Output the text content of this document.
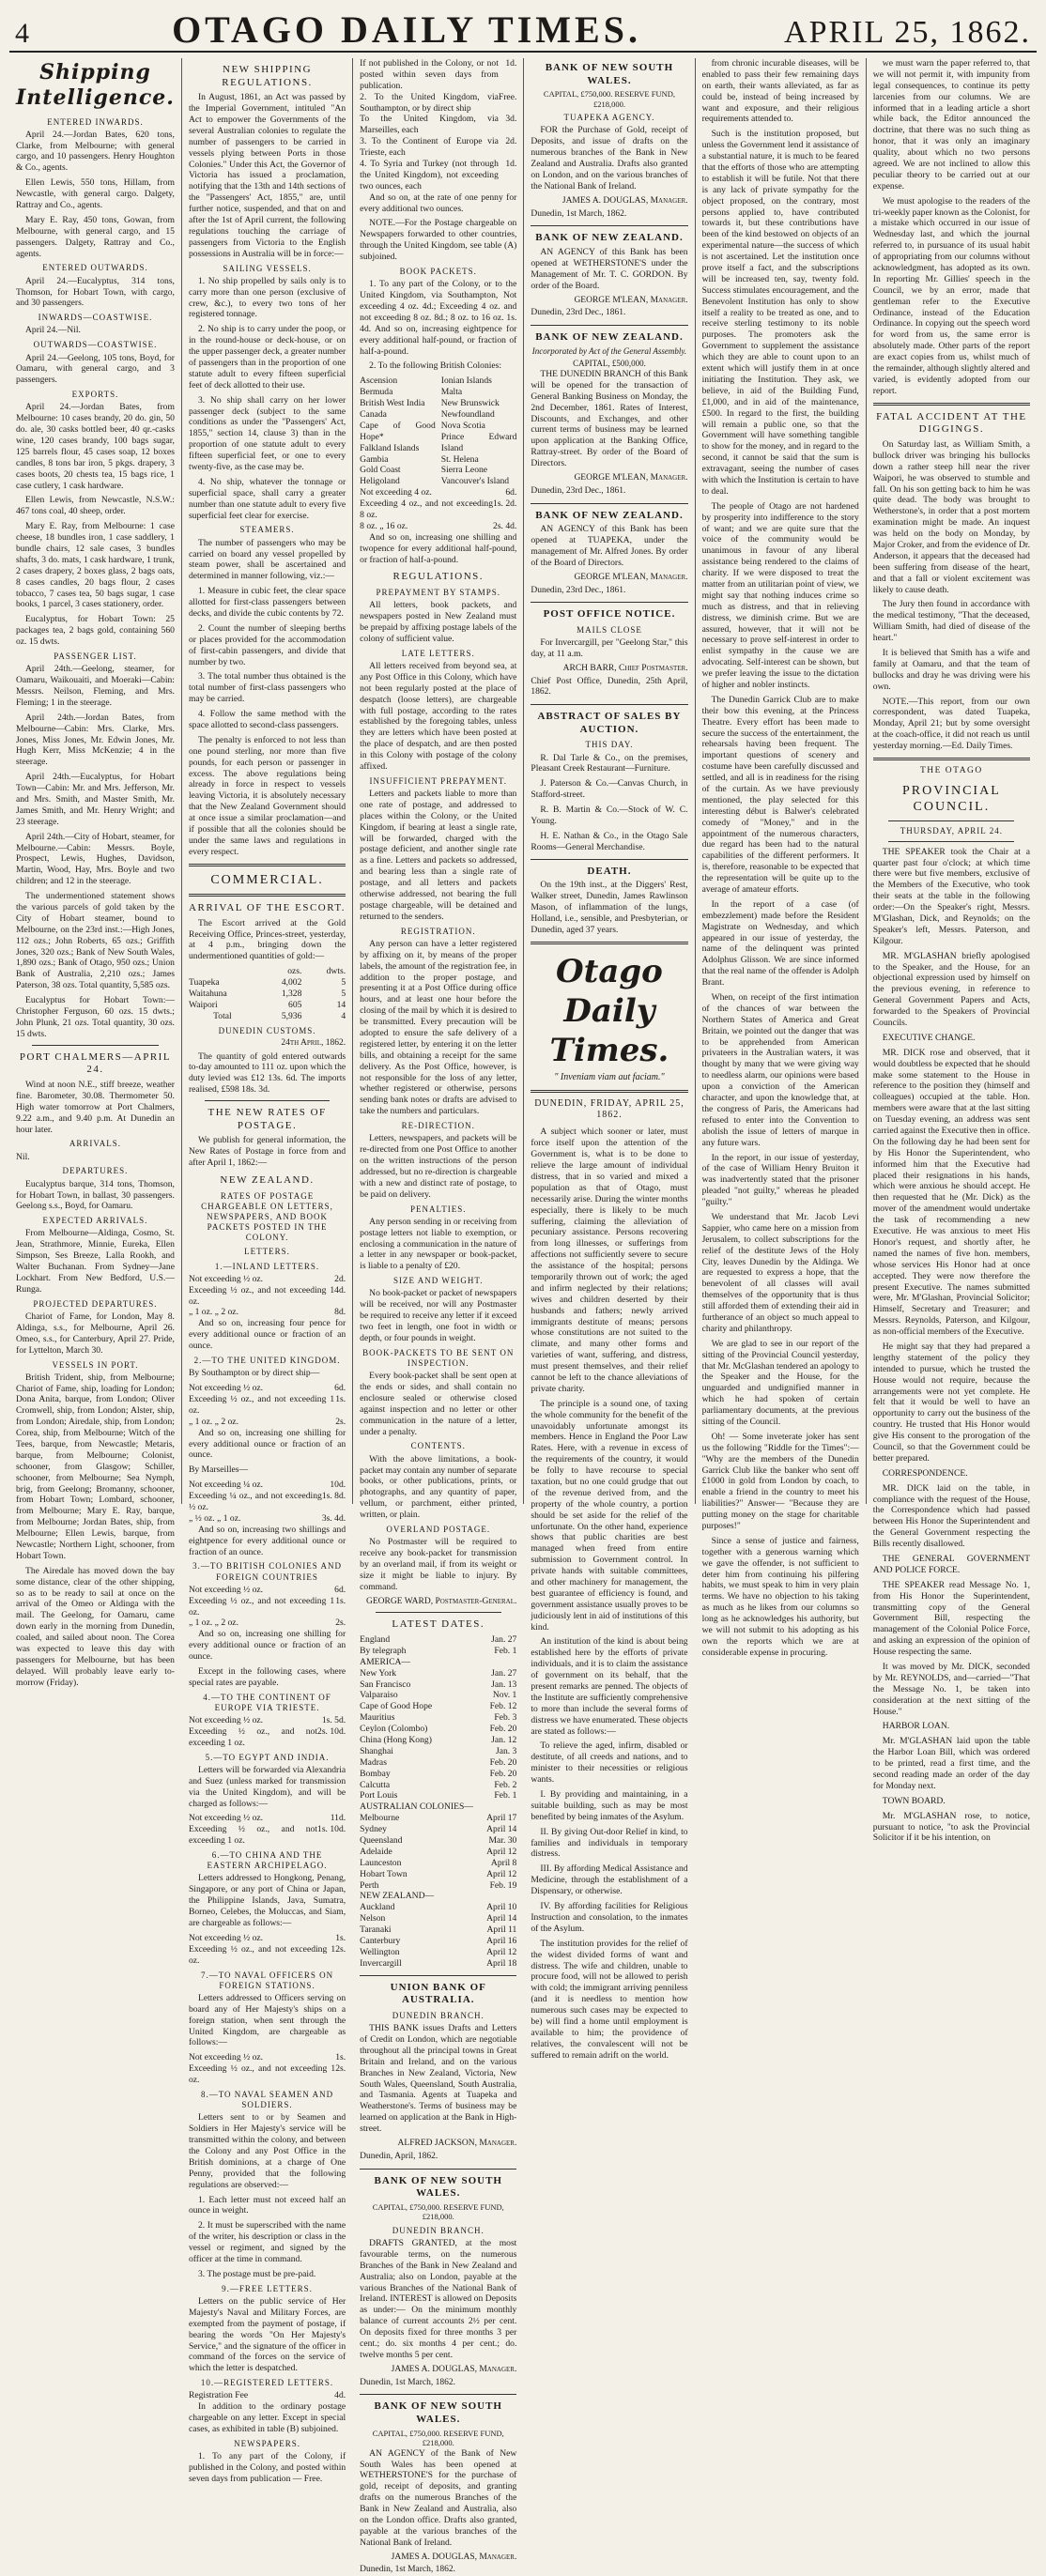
4	OTAGO DAILY TIMES.	APRIL 25, 1862.
Shipping Intelligence.
ENTERED INWARDS.

April 24.—Jordan Bates, 620 tons, Clarke, from Melbourne; with general cargo, and 10 passengers. Henry Houghton & Co., agents.

Ellen Lewis, 550 tons, Hillam, from Newcastle, with general cargo. Dalgety, Rattray and Co., agents.

Mary E. Ray, 450 tons, Gowan, from Melbourne, with general cargo, and 15 passengers. Dalgety, Rattray and Co., agents.

ENTERED OUTWARDS.

April 24.—Eucalyptus, 314 tons, Thomson, for Hobart Town, with cargo, and 30 passengers.

INWARDS—COASTWISE.

April 24.—Nil.

OUTWARDS—COASTWISE.

April 24.—Geelong, 105 tons, Boyd, for Oamaru, with general cargo, and 3 passengers.

EXPORTS.

April 24.—Jordan Bates, from Melbourne: 10 cases brandy, 20 do. gin, 50 do. ale, 30 casks bottled beer, 40 qr.-casks wine, 120 cases brandy, 100 bags sugar, 125 barrels flour, 45 cases soap, 12 boxes candles, 8 tons bar iron, 5 pkgs. drapery, 3 cases boots, 20 chests tea, 15 bags rice, 1 case cutlery, 1 cask hardware.

Ellen Lewis, from Newcastle, N.S.W.: 467 tons coal, 40 sheep, order.

Mary E. Ray, from Melbourne: 1 case cheese, 18 bundles iron, 1 case saddlery, 1 bundle chairs, 12 sale cases, 3 bundles shafts, 3 do. mats, 1 cask hardware, 1 trunk, 2 cases drapery, 2 boxes glass, 2 bags oats, 8 cases candles, 20 bags flour, 2 cases tobacco, 7 cases tea, 50 bags sugar, 1 case books, 1 parcel, 3 cases stationery, order.

Eucalyptus, for Hobart Town: 25 packages tea, 2 bags gold, containing 560 oz. 15 dwts.

PASSENGER LIST.

April 24th.—Geelong, steamer, for Oamaru, Waikouaiti, and Moeraki—Cabin: Messrs. Neilson, Fleming, and Mrs. Fleming; 1 in the steerage.

April 24th.—Jordan Bates, from Melbourne—Cabin: Mrs. Clarke, Mrs. Jones, Miss Jones, Mr. Edwin Jones, Mr. Hugh Kerr, Miss McKenzie; 4 in the steerage.

April 24th.—Eucalyptus, for Hobart Town—Cabin: Mr. and Mrs. Jefferson, Mr. and Mrs. Smith, and Master Smith, Mr. James Smith, and Mr. Henry Wright; and 23 steerage.

April 24th.—City of Hobart, steamer, for Melbourne.—Cabin: Messrs. Boyle, Prospect, Lewis, Hughes, Davidson, Martin, Wood, Hay, Mrs. Boyle and two children; and 12 in the steerage.

The undermentioned statement shows the various parcels of gold taken by the City of Hobart steamer, bound to Melbourne, on the 23rd inst.:—High Jones, 112 ozs.; John Roberts, 65 ozs.; Griffith Jones, 320 ozs.; Bank of New South Wales, 1,890 ozs.; Bank of Otago, 950 ozs.; Union Bank of Australia, 2,210 ozs.; James Paterson, 38 ozs. Total quantity, 5,585 ozs.

Eucalyptus for Hobart Town:—Christopher Ferguson, 60 ozs. 15 dwts.; John Plunk, 21 ozs. Total quantity, 30 ozs. 15 dwts.

PORT CHALMERS—APRIL 24.

Wind at noon N.E., stiff breeze, weather fine. Barometer, 30.08. Thermometer 50. High water tomorrow at Port Chalmers, 9.22 a.m., and 9.40 p.m. At Dunedin an hour later.

ARRIVALS.

Nil.

DEPARTURES.

Eucalyptus barque, 314 tons, Thomson, for Hobart Town, in ballast, 30 passengers. Geelong s.s., Boyd, for Oamaru.

EXPECTED ARRIVALS.

From Melbourne—Aldinga, Cosmo, St. Jean, Strathmore, Minnie, Eureka, Ellen Simpson, Ses Breeze, Lalla Rookh, and Walter Buchanan. From Sydney—Jane Lockhart. From New Bedford, U.S.—Runga.

PROJECTED DEPARTURES.

Chariot of Fame, for London, May 8. Aldinga, s.s., for Melbourne, April 26. Omeo, s.s., for Canterbury, April 27. Pride, for Lyttelton, March 30.

VESSELS IN PORT.

British Trident, ship, from Melbourne; Chariot of Fame, ship, loading for London; Dona Anita, barque, from London; Oliver Cromwell, ship, from London; Alster, ship, from London; Airedale, ship, from London; Corea, ship, from Melbourne; Witch of the Tees, barque, from Newcastle; Metaris, barque, from Melbourne; Colonist, schooner, from Glasgow; Schiller, schooner, from Melbourne; Sea Nymph, brig, from Geelong; Bromanny, schooner, from Hobart Town; Lombard, schooner, from Melbourne; Mary E. Ray, barque, from Melbourne; Jordan Bates, ship, from Melbourne; Ellen Lewis, barque, from Newcastle; Northern Light, schooner, from Hobart Town.

The Airedale has moved down the bay some distance, clear of the other shipping, so as to be ready to sail at once on the arrival of the Omeo or Aldinga with the mail. The Geelong, for Oamaru, came down early in the morning from Dunedin, coaled, and sailed about noon. The Corea was expected to leave this day with passengers for Melbourne, but has been delayed. Will probably leave early to-morrow (Friday).

NEW SHIPPING REGULATIONS.

In August, 1861, an Act was passed by the Imperial Government, intituled "An Act to empower the Governments of the several Australian colonies to regulate the number of passengers to be carried in vessels plying between Ports in those Colonies." Under this Act, the Governor of Victoria has issued a proclamation, notifying that the 13th and 14th sections of the "Passengers' Act, 1855," are, until further notice, suspended, and that on and after the 1st of April current, the following regulations touching the carriage of passengers from Victoria to the English possessions in Australia will be in force:—

SAILING VESSELS.

1. No ship propelled by sails only is to carry more than one person (exclusive of crew, &c.), to every two tons of her registered tonnage.

2. No ship is to carry under the poop, or in the round-house or deck-house, or on the upper passenger deck, a greater number of passengers than in the proportion of one statute adult to every fifteen superficial feet of deck allotted to their use.

3. No ship shall carry on her lower passenger deck (subject to the same conditions as under the "Passengers' Act, 1855," section 14, clause 3) than in the proportion of one statute adult to every fifteen superficial feet, or one to every twenty-five, as the case may be.

4. No ship, whatever the tonnage or superficial space, shall carry a greater number than one statute adult to every five superficial feet clear for exercise.

STEAMERS.

The number of passengers who may be carried on board any vessel propelled by steam power, shall be ascertained and determined in manner following, viz.:—

1. Measure in cubic feet, the clear space allotted for first-class passengers between decks, and divide the cubic contents by 72.

2. Count the number of sleeping berths or places provided for the accommodation of first-cabin passengers, and divide that number by two.

3. The total number thus obtained is the total number of first-class passengers who may be carried.

4. Follow the same method with the space allotted to second-class passengers.

The penalty is enforced to not less than one pound sterling, nor more than five pounds, for each person or passenger in excess. The above regulations being already in force in respect to vessels leaving Victoria, it is absolutely necessary that the New Zealand Government should at once issue a similar proclamation—and if possible that all the colonies should be under the same laws and regulations in every respect.

COMMERCIAL.
ARRIVAL OF THE ESCORT.

The Escort arrived at the Gold Receiving Office, Princes-street, yesterday, at 4 p.m., bringing down the undermentioned quantities of gold:—

	ozs.	dwts.
Tuapeka	4,002	5
Waitahuna	1,328	5
Waipori	605	14
Total	5,936	4
DUNEDIN CUSTOMS.
24th April, 1862.

The quantity of gold entered outwards to-day amounted to 111 oz. upon which the duty levied was £12 13s. 6d. The imports realised, £598 18s. 3d.

THE NEW RATES OF POSTAGE.

We publish for general information, the New Rates of Postage in force from and after April 1, 1862:—

NEW ZEALAND.
RATES OF POSTAGE CHARGEABLE ON LETTERS, NEWSPAPERS, AND BOOK PACKETS POSTED IN THE COLONY.
LETTERS.
1.—INLAND LETTERS.
Not exceeding ½ oz.	2d.
Exceeding ½ oz., and not exceeding 1 oz.	4d.
„ 1 oz. „ 2 oz.	8d.

And so on, increasing four pence for every additional ounce or fraction of an ounce.

2.—TO THE UNITED KINGDOM.

By Southampton or by direct ship—

Not exceeding ½ oz.	6d.
Exceeding ½ oz., and not exceeding 1 oz.	1s.
„ 1 oz. „ 2 oz.	2s.

And so on, increasing one shilling for every additional ounce or fraction of an ounce.

By Marseilles—

Not exceeding ¼ oz.	10d.
Exceeding ¼ oz., and not exceeding ½ oz.	1s. 8d.
„ ½ oz. „ 1 oz.	3s. 4d.

And so on, increasing two shillings and eightpence for every additional ounce or fraction of an ounce.

3.—TO BRITISH COLONIES AND FOREIGN COUNTRIES
Not exceeding ½ oz.	6d.
Exceeding ½ oz., and not exceeding 1 oz.	1s.
„ 1 oz. „ 2 oz.	2s.

And so on, increasing one shilling for every additional ounce or fraction of an ounce.

Except in the following cases, where special rates are payable.

4.—TO THE CONTINENT OF EUROPE VIA TRIESTE.
Not exceeding ½ oz.	1s. 5d.
Exceeding ½ oz., and not exceeding 1 oz.	2s. 10d.
5.—TO EGYPT AND INDIA.

Letters will be forwarded via Alexandria and Suez (unless marked for transmission via the United Kingdom), and will be charged as follows:—

Not exceeding ½ oz.	11d.
Exceeding ½ oz., and not exceeding 1 oz.	1s. 10d.
6.—TO CHINA AND THE EASTERN ARCHIPELAGO.

Letters addressed to Hongkong, Penang, Singapore, or any port of China or Japan, the Philippine Islands, Java, Sumatra, Borneo, Celebes, the Moluccas, and Siam, are chargeable as follows:—

Not exceeding ½ oz.	1s.
Exceeding ½ oz., and not exceeding 1 oz.	2s.
7.—TO NAVAL OFFICERS ON FOREIGN STATIONS.

Letters addressed to Officers serving on board any of Her Majesty's ships on a foreign station, when sent through the United Kingdom, are chargeable as follows:—

Not exceeding ½ oz.	1s.
Exceeding ½ oz., and not exceeding 1 oz.	2s.
8.—TO NAVAL SEAMEN AND SOLDIERS.

Letters sent to or by Seamen and Soldiers in Her Majesty's service will be transmitted within the colony, and between the Colony and any Post Office in the British dominions, at a charge of One Penny, provided that the following regulations are observed:—

1. Each letter must not exceed half an ounce in weight.

2. It must be superscribed with the name of the writer, his description or class in the vessel or regiment, and signed by the officer at the time in command.

3. The postage must be pre-paid.

9.—FREE LETTERS.

Letters on the public service of Her Majesty's Naval and Military Forces, are exempted from the payment of postage, if bearing the words "On Her Majesty's Service," and the signature of the officer in command of the forces on the service of which the letter is despatched.

10.—REGISTERED LETTERS.
Registration Fee	4d.

In addition to the ordinary postage chargeable on any letter. Except in special cases, as exhibited in table (B) subjoined.

NEWSPAPERS.

1. To any part of the Colony, if published in the Colony, and posted within seven days from publication — Free.

If not published in the Colony, or not posted within seven days from publication.	1d.
2. To the United Kingdom, via Southampton, or by direct ship	Free.
To the United Kingdom, via Marseilles, each	3d.
3. To the Continent of Europe via Trieste, each	2d.
4. To Syria and Turkey (not through the United Kingdom), not exceeding two ounces, each	1d.

And so on, at the rate of one penny for every additional two ounces.

NOTE.—For the Postage chargeable on Newspapers forwarded to other countries, through the United Kingdom, see table (A) subjoined.

BOOK PACKETS.

1. To any part of the Colony, or to the United Kingdom, via Southampton, Not exceeding 4 oz. 4d.; Exceeding 4 oz. and not exceeding 8 oz. 8d.; 8 oz. to 16 oz. 1s. 4d. And so on, increasing eightpence for every additional half-pound, or fraction of half-a-pound.

2. To the following British Colonies:

Ascension
Bermuda
British West India
Canada
Cape of Good Hope*
Falkland Islands
Gambia
Gold Coast
Heligoland
Ionian Islands
Malta
New Brunswick
Newfoundland
Nova Scotia
Prince Edward Island
St. Helena
Sierra Leone
Vancouver's Island
Not exceeding 4 oz.	6d.
Exceeding 4 oz., and not exceeding 8 oz.	1s. 2d.
8 oz. „ 16 oz.	2s. 4d.

And so on, increasing one shilling and twopence for every additional half-pound, or fraction of half-a-pound.

REGULATIONS.
PREPAYMENT BY STAMPS.

All letters, book packets, and newspapers posted in New Zealand must be prepaid by affixing postage labels of the colony of sufficient value.

LATE LETTERS.

All letters received from beyond sea, at any Post Office in this Colony, which have not been regularly posted at the place of despatch (loose letters), are chargeable with full postage, according to the rates established by the foregoing tables, unless they are letters which have been posted at the place of despatch, and are then posted in this Colony with postage of the colony affixed.

INSUFFICIENT PREPAYMENT.

Letters and packets liable to more than one rate of postage, and addressed to places within the Colony, or the United Kingdom, if bearing at least a single rate, will be forwarded, charged with the postage deficient, and another single rate as a fine. Letters and packets so addressed, and bearing less than a single rate of postage, and all letters and packets otherwise addressed, not bearing the full postage chargeable, will be detained and returned to the senders.

REGISTRATION.

Any person can have a letter registered by affixing on it, by means of the proper labels, the amount of the registration fee, in addition to the proper postage, and presenting it at a Post Office during office hours, and at least one hour before the closing of the mail by which it is desired to be transmitted. Every precaution will be adopted to ensure the safe delivery of a registered letter, by entering it on the letter bills, and obtaining a receipt for the same delivery. As the Post Office, however, is not responsible for the loss of any letter, whether registered or otherwise, persons sending bank notes or drafts are advised to take the numbers and particulars.

RE-DIRECTION.

Letters, newspapers, and packets will be re-directed from one Post Office to another on the written instructions of the person addressed, but no re-direction is chargeable with a new and distinct rate of postage, to be paid on delivery.

PENALTIES.

Any person sending in or receiving from postage letters not liable to exemption, or enclosing a communication in the nature of a letter in any newspaper or book-packet, is liable to a penalty of £20.

SIZE AND WEIGHT.

No book-packet or packet of newspapers will be received, nor will any Postmaster be required to receive any letter if it exceed two feet in length, one foot in width or depth, or four pounds in weight.

BOOK-PACKETS TO BE SENT ON INSPECTION.

Every book-packet shall be sent open at the ends or sides, and shall contain no enclosure sealed or otherwise closed against inspection and no letter or other communication in the nature of a letter, under a penalty.

CONTENTS.

With the above limitations, a book-packet may contain any number of separate books, or other publications, prints, or photographs, and any quantity of paper, vellum, or parchment, either printed, written, or plain.

OVERLAND POSTAGE.

No Postmaster will be required to receive any book-packet for transmission by an overland mail, if from its weight or size it might be liable to injury. By command.

GEORGE WARD, Postmaster-General.
LATEST DATES.
England	Jan. 27
By telegraph	Feb. 1
AMERICA—	
New York	Jan. 27
San Francisco	Jan. 13
Valparaiso	Nov. 1
Cape of Good Hope	Feb. 12
Mauritius	Feb. 3
Ceylon (Colombo)	Feb. 20
China (Hong Kong)	Jan. 12
Shanghai	Jan. 3
Madras	Feb. 20
Bombay	Feb. 20
Calcutta	Feb. 2
Port Louis	Feb. 1
AUSTRALIAN COLONIES—	
Melbourne	April 17
Sydney	April 14
Queensland	Mar. 30
Adelaide	April 12
Launceston	April 8
Hobart Town	April 12
Perth	Feb. 19
NEW ZEALAND—	
Auckland	April 10
Nelson	April 14
Taranaki	April 11
Canterbury	April 16
Wellington	April 12
Invercargill	April 18
UNION BANK OF AUSTRALIA.
DUNEDIN BRANCH.

THIS BANK issues Drafts and Letters of Credit on London, which are negotiable throughout all the principal towns in Great Britain and Ireland, and on the various Branches in New Zealand, Victoria, New South Wales, Queensland, South Australia, and Tasmania. Agents at Tuapeka and Weatherstone's. Terms of business may be learned on application at the Bank in High-street.

ALFRED JACKSON, Manager.
Dunedin, April, 1862.
BANK OF NEW SOUTH WALES.
CAPITAL, £750,000. RESERVE FUND, £218,000.
DUNEDIN BRANCH.

DRAFTS GRANTED, at the most favourable terms, on the numerous Branches of the Bank in New Zealand and Australia; also on London, payable at the various Branches of the National Bank of Ireland. INTEREST is allowed on Deposits as under:— On the minimum monthly balance of current accounts 2½ per cent. On deposits fixed for three months 3 per cent.; do. six months 4 per cent.; do. twelve months 5 per cent.

JAMES A. DOUGLAS, Manager.
Dunedin, 1st March, 1862.
BANK OF NEW SOUTH WALES.
CAPITAL, £750,000. RESERVE FUND, £218,000.

AN AGENCY of the Bank of New South Wales has been opened at WETHERSTONE'S for the purchase of gold, receipt of deposits, and granting drafts on the numerous Branches of the Bank in New Zealand and Australia, also on the London office. Drafts also granted, payable at the various branches of the National Bank of Ireland.

JAMES A. DOUGLAS, Manager.
Dunedin, 1st March, 1862.
BANK OF NEW SOUTH WALES.
CAPITAL, £750,000. RESERVE FUND, £218,000.
TUAPEKA AGENCY.

FOR the Purchase of Gold, receipt of Deposits, and issue of drafts on the numerous branches of the Bank in New Zealand and Australia. Drafts also granted on London, and on the various branches of the National Bank of Ireland.

JAMES A. DOUGLAS, Manager.
Dunedin, 1st March, 1862.
BANK OF NEW ZEALAND.

AN AGENCY of this Bank has been opened at WETHERSTONE'S under the Management of Mr. T. C. GORDON. By order of the Board.

GEORGE M'LEAN, Manager.
Dunedin, 23rd Dec., 1861.
BANK OF NEW ZEALAND.
Incorporated by Act of the General Assembly.
CAPITAL, £500,000.

THE DUNEDIN BRANCH of this Bank will be opened for the transaction of General Banking Business on Monday, the 2nd December, 1861. Rates of Interest, Discounts, and Exchanges, and other current terms of business may be learned upon application at the Banking Office, Rattray-street. By order of the Board of Directors.

GEORGE M'LEAN, Manager.
Dunedin, 23rd Dec., 1861.
BANK OF NEW ZEALAND.

AN AGENCY of this Bank has been opened at TUAPEKA, under the management of Mr. Alfred Jones. By order of the Board of Directors.

GEORGE M'LEAN, Manager.
Dunedin, 23rd Dec., 1861.
POST OFFICE NOTICE.
MAILS CLOSE

For Invercargill, per "Geelong Star," this day, at 11 a.m.

ARCH BARR, Chief Postmaster.
Chief Post Office, Dunedin, 25th April, 1862.
ABSTRACT OF SALES BY AUCTION.
THIS DAY.

R. Dal Tarle & Co., on the premises, Pleasant Creek Restaurant—Furniture.

J. Paterson & Co.—Canvas Church, in Stafford-street.

R. B. Martin & Co.—Stock of W. C. Young.

H. E. Nathan & Co., in the Otago Sale Rooms—General Merchandise.

DEATH.

On the 19th inst., at the Diggers' Rest, Walker street, Dunedin, James Rawlinson Mason, of inflammation of the lungs, Holland, i.e., sensible, and Presbyterian, or Dunedin, aged 37 years.

Otago Daily Times.
" Inveniam viam aut faciam."
DUNEDIN, FRIDAY, APRIL 25, 1862.

A subject which sooner or later, must force itself upon the attention of the Government is, what is to be done to relieve the large amount of individual distress, that in so varied and mixed a population as that of Otago, must necessarily arise. During the winter months especially, there is likely to be much suffering, claiming the alleviation of pecuniary assistance. Persons recovering from long illnesses, or sufferings from affections not sufficiently severe to secure the assistance of the hospital; persons temporarily thrown out of work; the aged and infirm neglected by their relations; wives and children deserted by their husbands and fathers; newly arrived immigrants destitute of means; persons whose constitutions are not suited to the climate, and many other forms and varieties of want, suffering, and distress, must present themselves, and their relief cannot be left to the chance alleviations of private charity.

The principle is a sound one, of taxing the whole community for the benefit of the unavoidably unfortunate amongst its members. Hence in England the Poor Law Rates. Here, with a revenue in excess of the requirements of the country, it would be folly to have recourse to special taxation, but no one could grudge that out of the revenue derived from, and the property of the whole country, a portion should be set aside for the relief of the unfortunate. On the other hand, experience shows that public charities are best managed when freed from entire submission to Government control. In private hands with suitable committees, and other machinery for management, the best guarantee of efficiency is found, and government assistance usually proves to be judiciously lent in aid of institutions of this kind.

An institution of the kind is about being established here by the efforts of private individuals, and it is to claim the assistance of government on its behalf, that the present remarks are penned. The objects of the Institute are sufficiently comprehensive to more than include the several forms of distress we have enumerated. These objects are stated as follows:—

To relieve the aged, infirm, disabled or destitute, of all creeds and nations, and to minister to their necessities or religious wants.

I. By providing and maintaining, in a suitable building, such as may be most benefited by being inmates of the Asylum.

II. By giving Out-door Relief in kind, to families and individuals in temporary distress.

III. By affording Medical Assistance and Medicine, through the establishment of a Dispensary, or otherwise.

IV. By affording facilities for Religious Instruction and consolation, to the inmates of the Asylum.

The institution provides for the relief of the widest divided forms of want and distress. The wife and children, unable to procure food, will not be allowed to perish with cold; the immigrant arriving penniless (and it is needless to mention how numerous such cases may be expected to be) will find a home until employment is available to him; the providence of relatives, the convalescent will not be suffered to remain adrift on the world.

from chronic incurable diseases, will be enabled to pass their few remaining days on earth, their wants alleviated, as far as could be, instead of being increased by want and exposure, and their religious requirements attended to.

Such is the institution proposed, but unless the Government lend it assistance of a substantial nature, it is much to be feared that the efforts of those who are attempting to establish it will be futile. Not that there is any lack of private sympathy for the object proposed, on the contrary, most persons applied to, have contributed towards it, but these contributions have been of the kind bestowed on objects of an experimental nature—the success of which is not ascertained. Let the institution once prove itself a fact, and the subscriptions will be increased ten, say, twenty fold. Success stimulates encouragement, and the Benevolent Institution has only to show itself a reality to be treated as one, and to receive sterling testimony to its noble purposes. The promoters ask the Government to supplement the assistance which they are able to count upon to an extent which will justify them in at once initiating the Institution. They ask, we believe, in aid of the Building Fund, £1,000, and in aid of the maintenance, £500. In regard to the first, the building will remain a public one, so that the Government will have something tangible to show for the money, and in regard to the second, it cannot be said that the sum is extravagant, seeing the number of cases with which the Institution is certain to have to deal.

The people of Otago are not hardened by prosperity into indifference to the story of want; and we are quite sure that the voice of the community would be unanimous in favour of any liberal assistance being rendered to the claims of charity. If we were disposed to treat the matter from an utilitarian point of view, we might say that nothing induces crime so much as distress, and that in relieving distress, we diminish crime. But we are assured, however, that it will not be necessary to prove self-interest in order to enlist sympathy in the cause we are advocating. Self-interest can be shown, but we prefer leaving the issue to the dictation of higher and nobler instincts.

The Dunedin Garrick Club are to make their bow this evening, at the Princess Theatre. Every effort has been made to secure the success of the entertainment, the rehearsals having been frequent. The important questions of scenery and costume have been carefully discussed and settled, and all is in readiness for the rising of the curtain. As we have previously mentioned, the play selected for this interesting début is Balwer's celebrated comedy of "Money," and in the appointment of the numerous characters, due regard has been had to the natural capabilities of the different performers. It is, therefore, reasonable to be expected that the representation will be quite up to the average of amateur efforts.

In the report of a case (of embezzlement) made before the Resident Magistrate on Wednesday, and which appeared in our issue of yesterday, the name of the delinquent was printed Adolphus Glisson. We are since informed that the real name of the offender is Adolph Brant.

When, on receipt of the first intimation of the chances of war between the Northern States of America and Great Britain, we pointed out the danger that was to be apprehended from American privateers in the Australian waters, it was thought by many that we were giving way to needless alarm, our opinions were based upon a conviction of the American character, and upon the knowledge that, at the congress of Paris, the Americans had refused to enter into the Convention to abolish the issue of letters of marque in any future wars.

In the report, in our issue of yesterday, of the case of William Henry Bruiton it was inadvertently stated that the prisoner pleaded "not guilty," whereas he pleaded "guilty."

We understand that Mr. Jacob Levi Sappier, who came here on a mission from Jerusalem, to collect subscriptions for the relief of the destitute Jews of the Holy City, leaves Dunedin by the Aldinga. We are requested to express a hope, that the benevolent of all classes will avail themselves of the opportunity that is thus still afforded them of extending their aid in furtherance of an object so much appeal to charity and philanthropy.

We are glad to see in our report of the sitting of the Provincial Council yesterday, that Mr. McGlashan tendered an apology to the Speaker and the House, for the unguarded and undignified manner in which he had spoken of certain parliamentary documents, at the previous sitting of the Council.

Oh! — Some inveterate joker has sent us the following "Riddle for the Times":— "Why are the members of the Dunedin Garrick Club like the banker who sent off £1000 in gold from London by coach, to enable a friend in the country to meet his liabilities?" Answer— "Because they are putting money on the stage for charitable purposes!"

Since a sense of justice and fairness, together with a generous warning which we gave the offender, is not sufficient to deter him from continuing his pilfering habits, we must speak to him in very plain terms. We have no objection to his taking as much as he likes from our columns so long as he acknowledges his authority, but we will not submit to his adopting as his own the reports which we are at considerable expense in procuring.

we must warn the paper referred to, that we will not permit it, with impunity from legal consequences, to continue its petty larcenies from our columns. We are informed that in a leading article a short while back, the Editor announced the doctrine, that there was no such thing as honor, that it was only an imaginary quality, about which no two persons agreed. We are not inclined to allow this peculiar theory to be carried out at our expense.

We must apologise to the readers of the tri-weekly paper known as the Colonist, for a mistake which occurred in our issue of Wednesday last, and which the journal referred to, in pursuance of its usual habit of appropriating from our columns without acknowledgment, has adopted as its own. In reporting Mr. Gillies' speech in the Council, we by an error, made that gentleman refer to the Executive Ordinance, instead of the Education Ordinance. In copying out the speech word for word from us, the same error is absolutely made. Other parts of the report are exact copies from us, whilst much of the remainder, although slightly altered and varied, is evidently adopted from our report.

FATAL ACCIDENT AT THE DIGGINGS.

On Saturday last, as William Smith, a bullock driver was bringing his bullocks down a rather steep hill near the river Waipori, he was observed to stumble and fall. On his son getting back to him he was quite dead. The body was brought to Wetherstone's, in order that a post mortem examination might be made. An inquest was held on the body on Monday, by Major Croker, and from the evidence of Dr. Anderson, it appears that the deceased had been suffering from disease of the heart, and that a fall or violent excitement was likely to cause death.

The Jury then found in accordance with the medical testimony, "That the deceased, William Smith, had died of disease of the heart."

It is believed that Smith has a wife and family at Oamaru, and that the team of bullocks and dray he was driving were his own.

NOTE.—This report, from our own correspondent, was dated Tuapeka, Monday, April 21; but by some oversight at the coach-office, it did not reach us until yesterday morning.—Ed. Daily Times.

THE OTAGO
PROVINCIAL COUNCIL.
THURSDAY, APRIL 24.

THE SPEAKER took the Chair at a quarter past four o'clock; at which time there were but five members, exclusive of the Members of the Executive, who took their seats at the table in the following order:—On the Speaker's right, Messrs. M'Glashan, Dick, and Reynolds; on the Speaker's left, Messrs. Paterson, and Kilgour.

MR. M'GLASHAN briefly apologised to the Speaker, and the House, for an objectional expression used by himself on the previous evening, in reference to General Government Papers and Acts, forwarded to the Speakers of Provincial Councils.

EXECUTIVE CHANGE.

MR. DICK rose and observed, that it would doubtless be expected that he should make some statement to the House in reference to the position they (himself and colleagues) occupied at the table. Hon. members were aware that at the last sitting on Tuesday evening, an address was sent carried against the Executive then in office. On the following day he had been sent for by His Honor the Superintendent, who informed him that the Executive had placed their resignations in his hands, which were anxious he should accept. He then requested that he (Mr. Dick) as the mover of the amendment would undertake the task of recommending a new Executive. He was anxious to meet His Honor's request, and shortly after, he named the names of five hon. members, whose services His Honor had at once accepted. They were now therefore the present Executive. The names submitted were, Mr. M'Glashan, Provincial Solicitor; Himself, Secretary and Treasurer; and Messrs. Reynolds, Paterson, and Kilgour, as non-official members of the Executive.

He might say that they had prepared a lengthy statement of the policy they intended to pursue, which he trusted the House would not require, because the arrangements were not yet complete. He felt that it would be well to have an opportunity to carry out the business of the country. He trusted that His Honor would give His consent to the prorogation of the Council, so that the Government could be better prepared.

CORRESPONDENCE.

MR. DICK laid on the table, in compliance with the request of the House, the Correspondence which had passed between His Honor the Superintendent and the General Government respecting the Bills recently disallowed.

THE GENERAL GOVERNMENT AND POLICE FORCE.

THE SPEAKER read Message No. 1, from His Honor the Superintendent, transmitting copy of the General Government Bill, respecting the management of the Colonial Police Force, and asking an expression of the opinion of House respecting the same.

It was moved by Mr. DICK, seconded by Mr. REYNOLDS, and—carried—"That the Message No. 1, be taken into consideration at the next sitting of the House."

HARBOR LOAN.

Mr. M'GLASHAN laid upon the table the Harbor Loan Bill, which was ordered to be printed, read a first time, and the second reading made an order of the day for Monday next.

TOWN BOARD.

Mr. M'GLASHAN rose, to notice, pursuant to notice, "to ask the Provincial Solicitor if it be his intention, on
